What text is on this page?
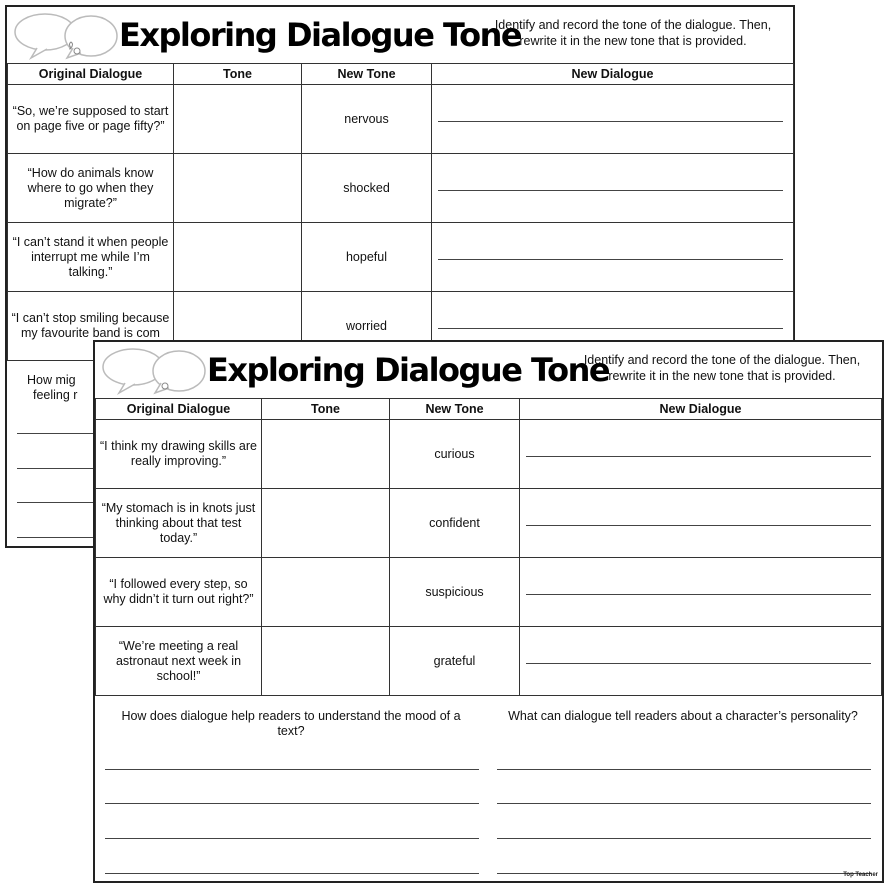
Exploring Dialogue Tone
Identify and record the tone of the dialogue. Then, rewrite it in the new tone that is provided.
Original Dialogue	Tone	New Tone	New Dialogue
“So, we’re supposed to start on page five or page fifty?”		nervous	

“How do animals know where to go when they migrate?”		shocked	

“I can’t stand it when people interrupt me while I’m talking.”		hopeful	

“I can’t stop smiling because my favourite band is com		worried	
How mig
feeling r
Exploring Dialogue Tone
Identify and record the tone of the dialogue. Then, rewrite it in the new tone that is provided.
Original Dialogue	Tone	New Tone	New Dialogue
“I think my drawing skills are really improving.”		curious	

“My stomach is in knots just thinking about that test today.”		confident	

“I followed every step, so why didn’t it turn out right?”		suspicious	

“We’re meeting a real astronaut next week in school!”		grateful	
How does dialogue help readers to understand the mood of a text?
What can dialogue tell readers about a character’s personality?
Top Teacher
